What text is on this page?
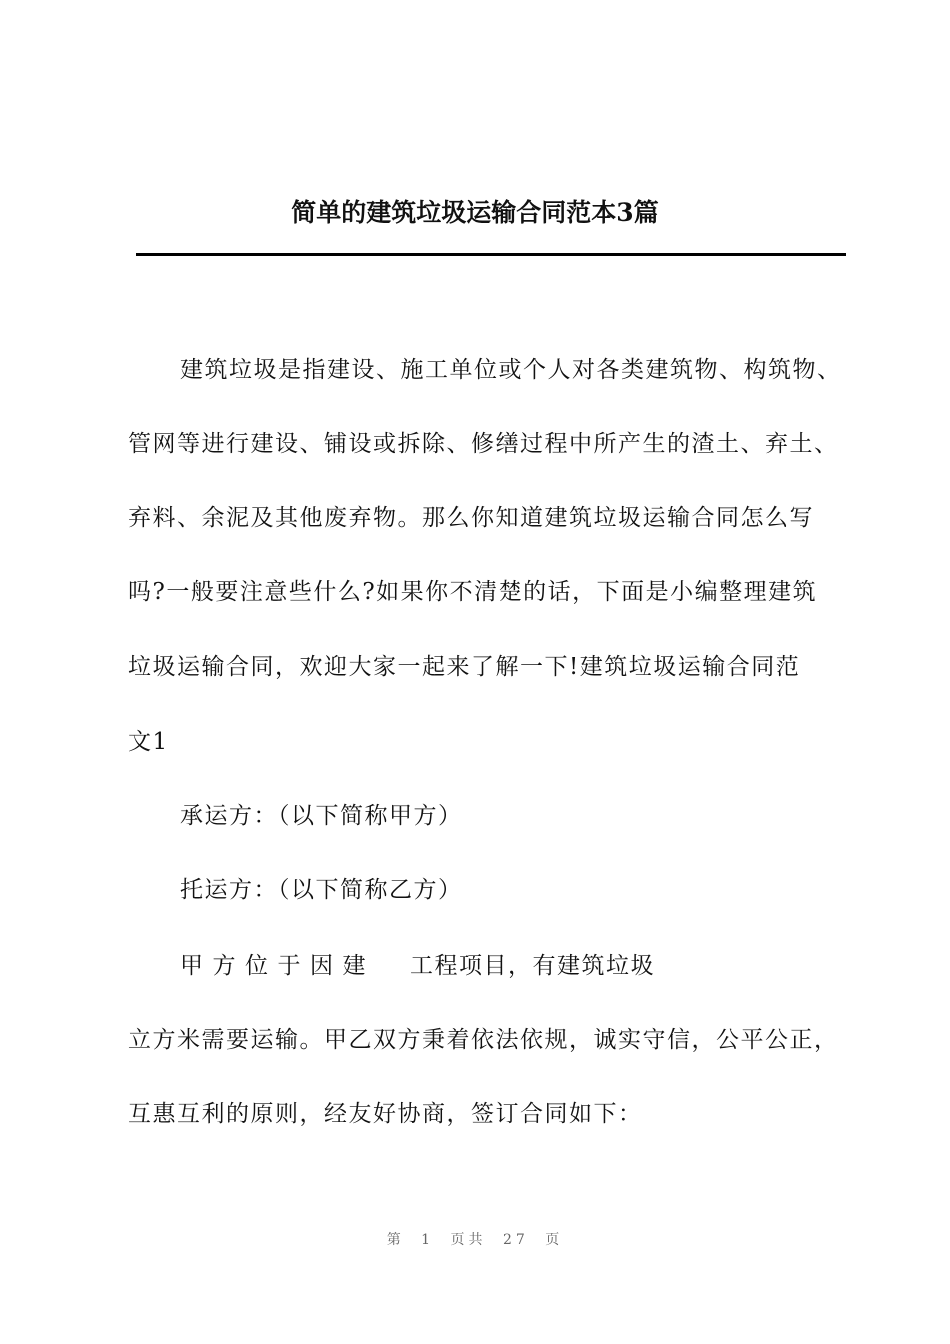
简单的建筑垃圾运输合同范本3篇
建筑垃圾是指建设、施工单位或个人对各类建筑物、构筑物、
管网等进行建设、铺设或拆除、修缮过程中所产生的渣土、弃土、
弃料、余泥及其他废弃物。那么你知道建筑垃圾运输合同怎么写
吗?一般要注意些什么?如果你不清楚的话，下面是小编整理建筑
垃圾运输合同，欢迎大家一起来了解一下!建筑垃圾运输合同范
文1
承运方：（以下简称甲方）
托运方：（以下简称乙方）
甲方位于因建 工程项目，有建筑垃圾
立方米需要运输。甲乙双方秉着依法依规，诚实守信，公平公正，
互惠互利的原则，经友好协商，签订合同如下：
第 1 页共 27 页
